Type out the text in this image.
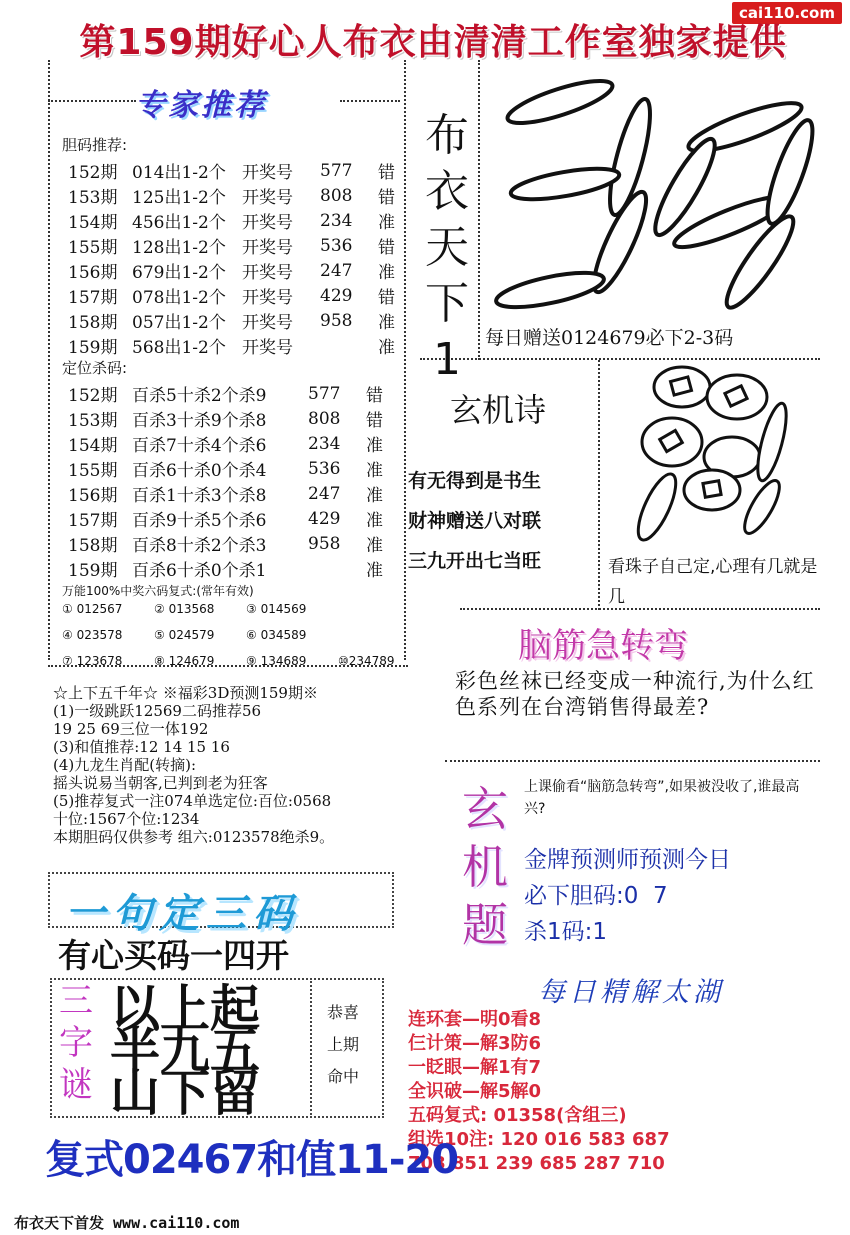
cai110.com
第159期好心人布衣由清清工作室独家提供
专家推荐
胆码推荐:
152期	014出1-2个	开奖号	577	错
153期	125出1-2个	开奖号	808	错
154期	456出1-2个	开奖号	234	准
155期	128出1-2个	开奖号	536	错
156期	679出1-2个	开奖号	247	准
157期	078出1-2个	开奖号	429	错
158期	057出1-2个	开奖号	958	准
159期	568出1-2个	开奖号		准
定位杀码:
152期	百杀5十杀2个杀9	577	错
153期	百杀3十杀9个杀8	808	错
154期	百杀7十杀4个杀6	234	准
155期	百杀6十杀0个杀4	536	准
156期	百杀1十杀3个杀8	247	准
157期	百杀9十杀5个杀6	429	准
158期	百杀8十杀2个杀3	958	准
159期	百杀6十杀0个杀1		准
万能100%中奖六码复式:(常年有效)
① 012567	② 013568	③ 014569
④ 023578	⑤ 024579	⑥ 034589
⑦ 123678	⑧ 124679	⑨ 134689	⑩234789
☆上下五千年☆ ※福彩3D预测159期※
(1)一级跳跃12569二码推荐56
19 25 69三位一体192
(3)和值推荐:12 14 15 16
(4)九龙生肖配(转摘):
摇头说易当朝客,已判到老为狂客
(5)推荐复式一注074单选定位:百位:0568
十位:1567个位:1234
本期胆码仅供参考 组六:0123578绝杀9。
布
衣
天
下
1	每日赠送0124679必下2-3码
玄机诗
有无得到是书生
财神赠送八对联
三九开出七当旺	看珠子自己定,心理有几就是几
脑筋急转弯
彩色丝袜已经变成一种流行,为什么红色系列在台湾销售得最差?
玄
机
题
上课偷看“脑筋急转弯”,如果被没收了,谁最高兴?
金牌预测师预测今日
必下胆码:0  7
杀1码:1
每日精解太湖
连环套—明0看8
仨计策—解3防6
一眨眼—解1有7
全识破—解5解0
五码复式: 01358(含组三)
组选10注: 120 016 583 687
708 851 239 685 287 710
一句定三码
有心买码一四开
三
字
谜
以上起
半九五
山下留
恭喜
上期
命中
复式02467和值11-20
布衣天下首发 www.cai110.com
